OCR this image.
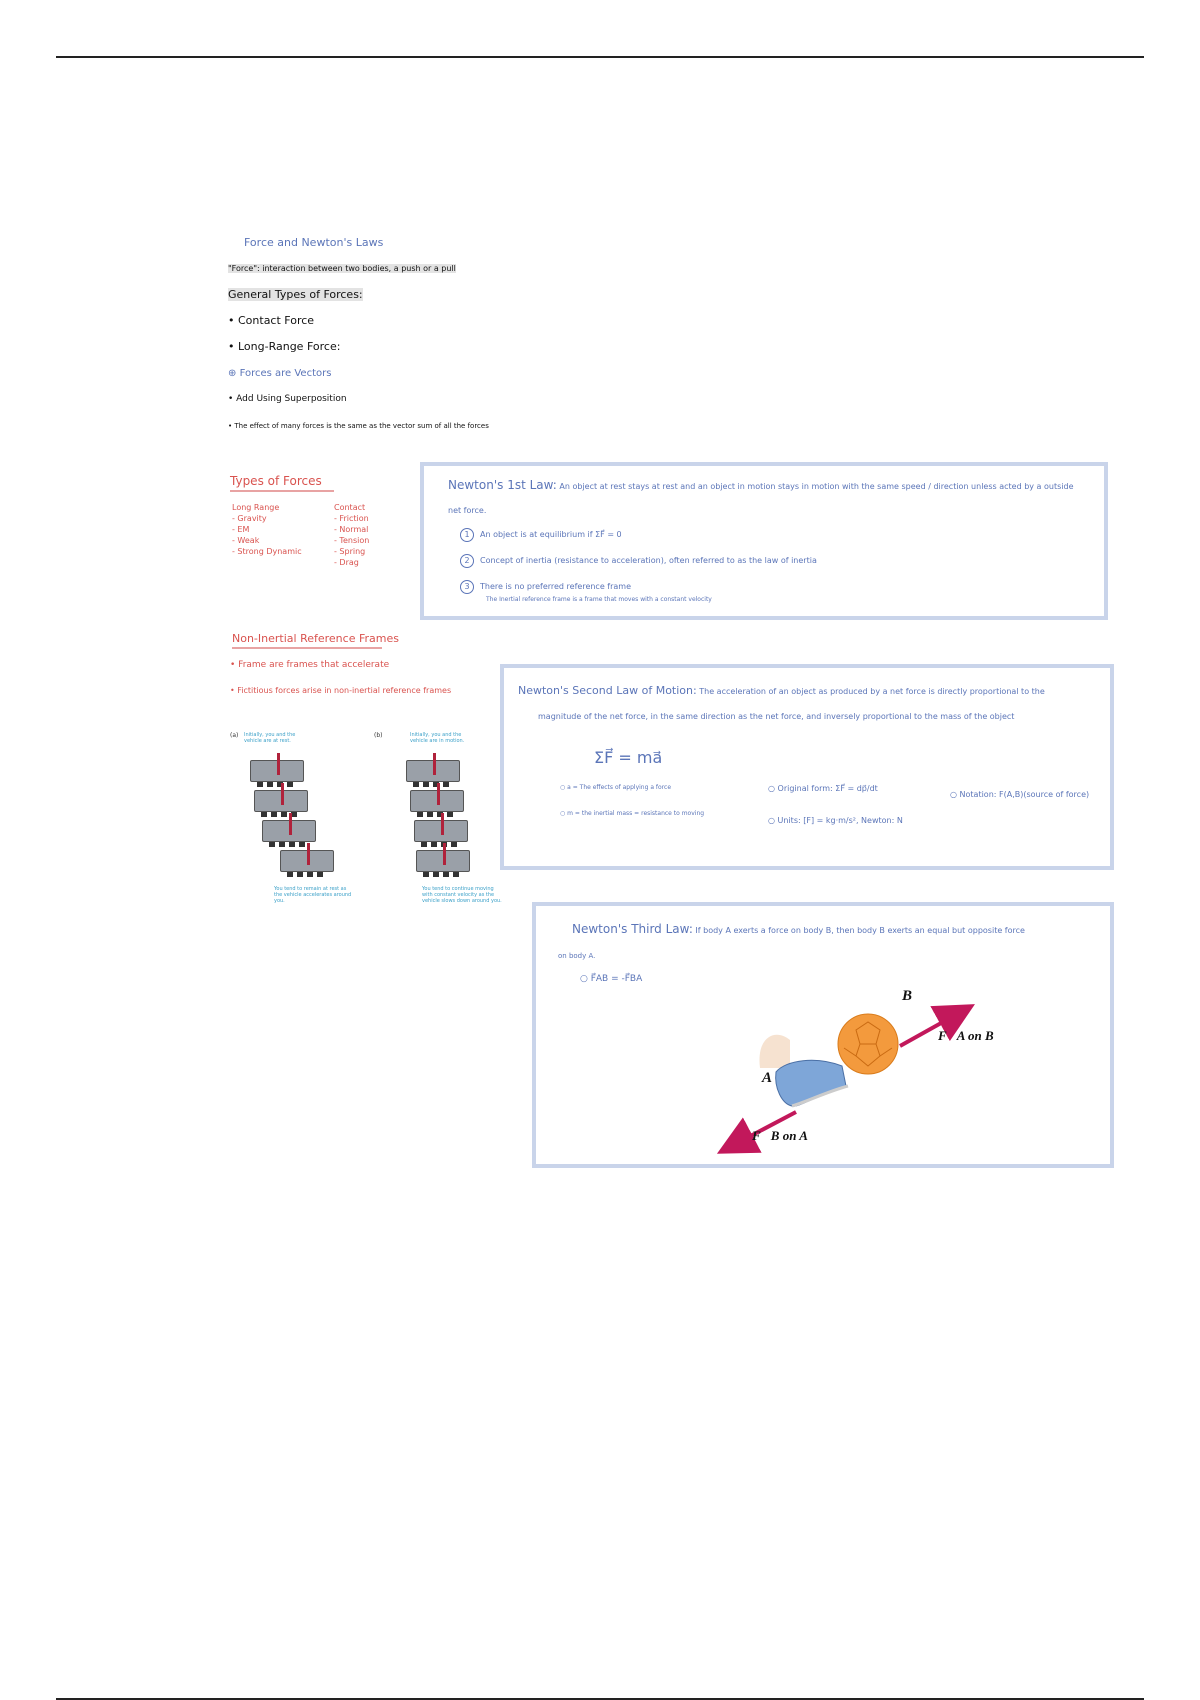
Force and Newton's Laws
"Force": interaction between two bodies, a push or a pull
General Types of Forces:
• Contact Force
• Long-Range Force:
⊕ Forces are Vectors
• Add Using Superposition
• The effect of many forces is the same as the vector sum of all the forces
Types of Forces
Long Range
- Gravity
- EM
- Weak
- Strong Dynamic
Contact
- Friction
- Normal
- Tension
- Spring
- Drag
Newton's 1st Law: An object at rest stays at rest and an object in motion stays in motion with the same speed / direction unless acted by a outside
net force.
1 An object is at equilibrium if ΣF⃗ = 0
2 Concept of inertia (resistance to acceleration), often referred to as the law of inertia
3 There is no preferred reference frame
The Inertial reference frame is a frame that moves with a constant velocity
Non-Inertial Reference Frames
• Frame are frames that accelerate
• Fictitious forces arise in non-inertial reference frames
(a)	(b)
Initially, you and the vehicle are at rest.
Initially, you and the vehicle are in motion.
You tend to remain at rest as the vehicle accelerates around you.
You tend to continue moving with constant velocity as the vehicle slows down around you.
Newton's Second Law of Motion: The acceleration of an object as produced by a net force is directly proportional to the
magnitude of the net force, in the same direction as the net force, and inversely proportional to the mass of the object
ΣF⃗ = ma⃗
○ a = The effects of applying a force
○ m = the inertial mass = resistance to moving
○ Original form: ΣF⃗ = dp⃗/dt
○ Units: [F] = kg·m/s², Newton: N
○ Notation: F(A,B)(source of force)
Newton's Third Law: If body A exerts a force on body B, then body B exerts an equal but opposite force
on body A.
○ F⃗AB = -F⃗BA
B
A
F⃗A on B
F⃗B on A
